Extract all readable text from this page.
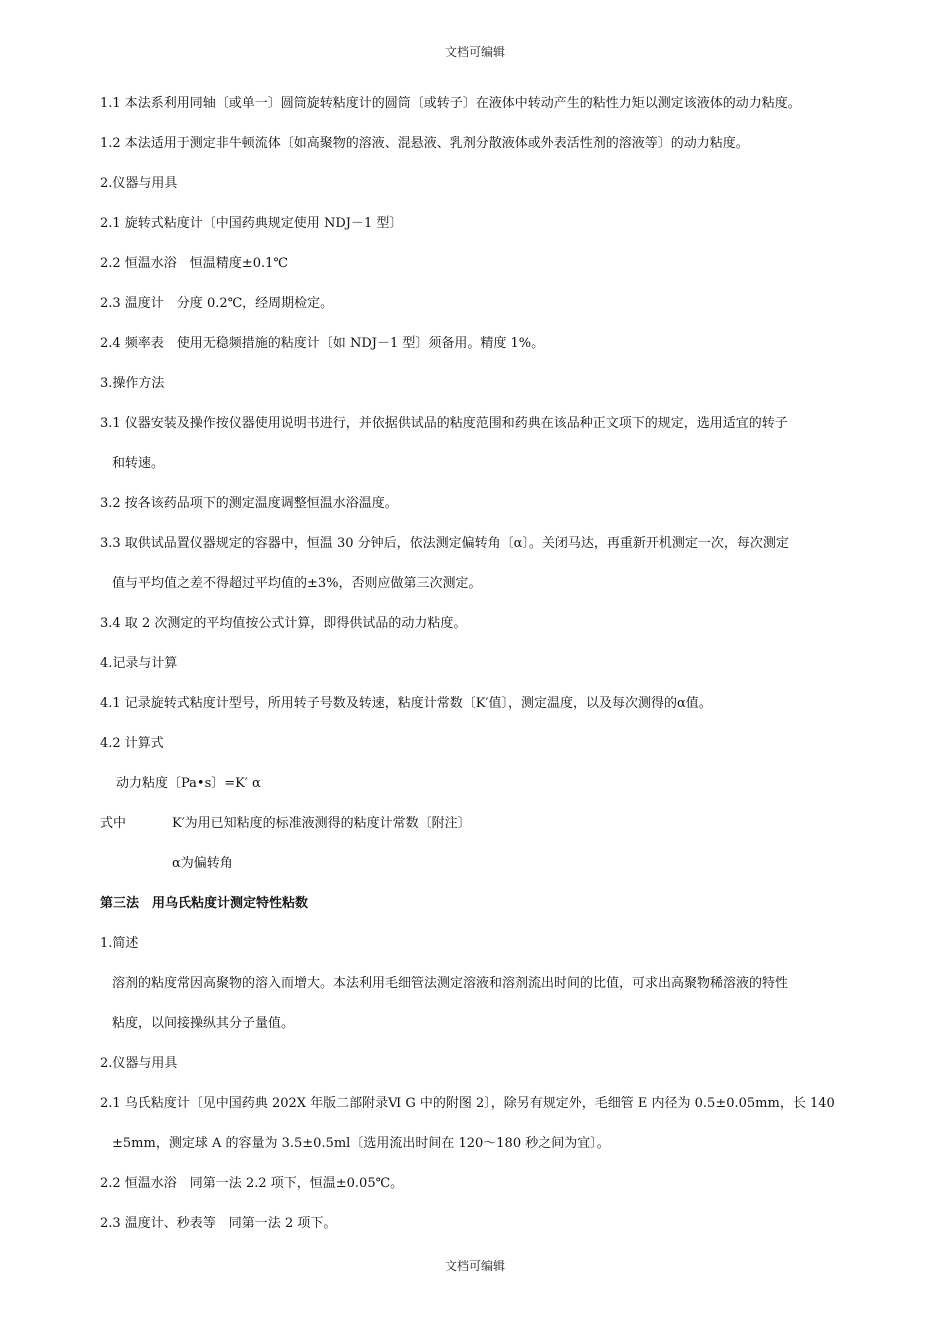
文档可编辑
1.1 本法系利用同轴〔或单一〕圆筒旋转粘度计的圆筒〔或转子〕在液体中转动产生的粘性力矩以测定该液体的动力粘度。
1.2 本法适用于测定非牛顿流体〔如高聚物的溶液、混悬液、乳剂分散液体或外表活性剂的溶液等〕的动力粘度。
2.仪器与用具
2.1 旋转式粘度计〔中国药典规定使用 NDJ－1 型〕
2.2 恒温水浴　恒温精度±0.1℃
2.3 温度计　分度 0.2℃，经周期检定。
2.4 频率表　使用无稳频措施的粘度计〔如 NDJ－1 型〕须备用。精度 1%。
3.操作方法
3.1 仪器安装及操作按仪器使用说明书进行，并依据供试品的粘度范围和药典在该品种正文项下的规定，选用适宜的转子
和转速。
3.2 按各该药品项下的测定温度调整恒温水浴温度。
3.3 取供试品置仪器规定的容器中，恒温 30 分钟后，依法测定偏转角〔α〕。关闭马达，再重新开机测定一次，每次测定
值与平均值之差不得超过平均值的±3%，否则应做第三次测定。
3.4 取 2 次测定的平均值按公式计算，即得供试品的动力粘度。
4.记录与计算
4.1 记录旋转式粘度计型号，所用转子号数及转速，粘度计常数〔K′值〕，测定温度，以及每次测得的α值。
4.2 计算式
动力粘度〔Pa•s〕=K′ α
式中	K′为用已知粘度的标准液测得的粘度计常数〔附注〕
α为偏转角
第三法　用乌氏粘度计测定特性粘数
1.简述
溶剂的粘度常因高聚物的溶入而增大。本法利用毛细管法测定溶液和溶剂流出时间的比值，可求出高聚物稀溶液的特性
粘度，以间接操纵其分子量值。
2.仪器与用具
2.1 乌氏粘度计〔见中国药典 202X 年版二部附录Ⅵ G 中的附图 2〕，除另有规定外，毛细管 E 内径为 0.5±0.05mm，长 140
±5mm，测定球 A 的容量为 3.5±0.5ml〔选用流出时间在 120～180 秒之间为宜〕。
2.2 恒温水浴　同第一法 2.2 项下，恒温±0.05℃。
2.3 温度计、秒表等　同第一法 2 项下。
文档可编辑
